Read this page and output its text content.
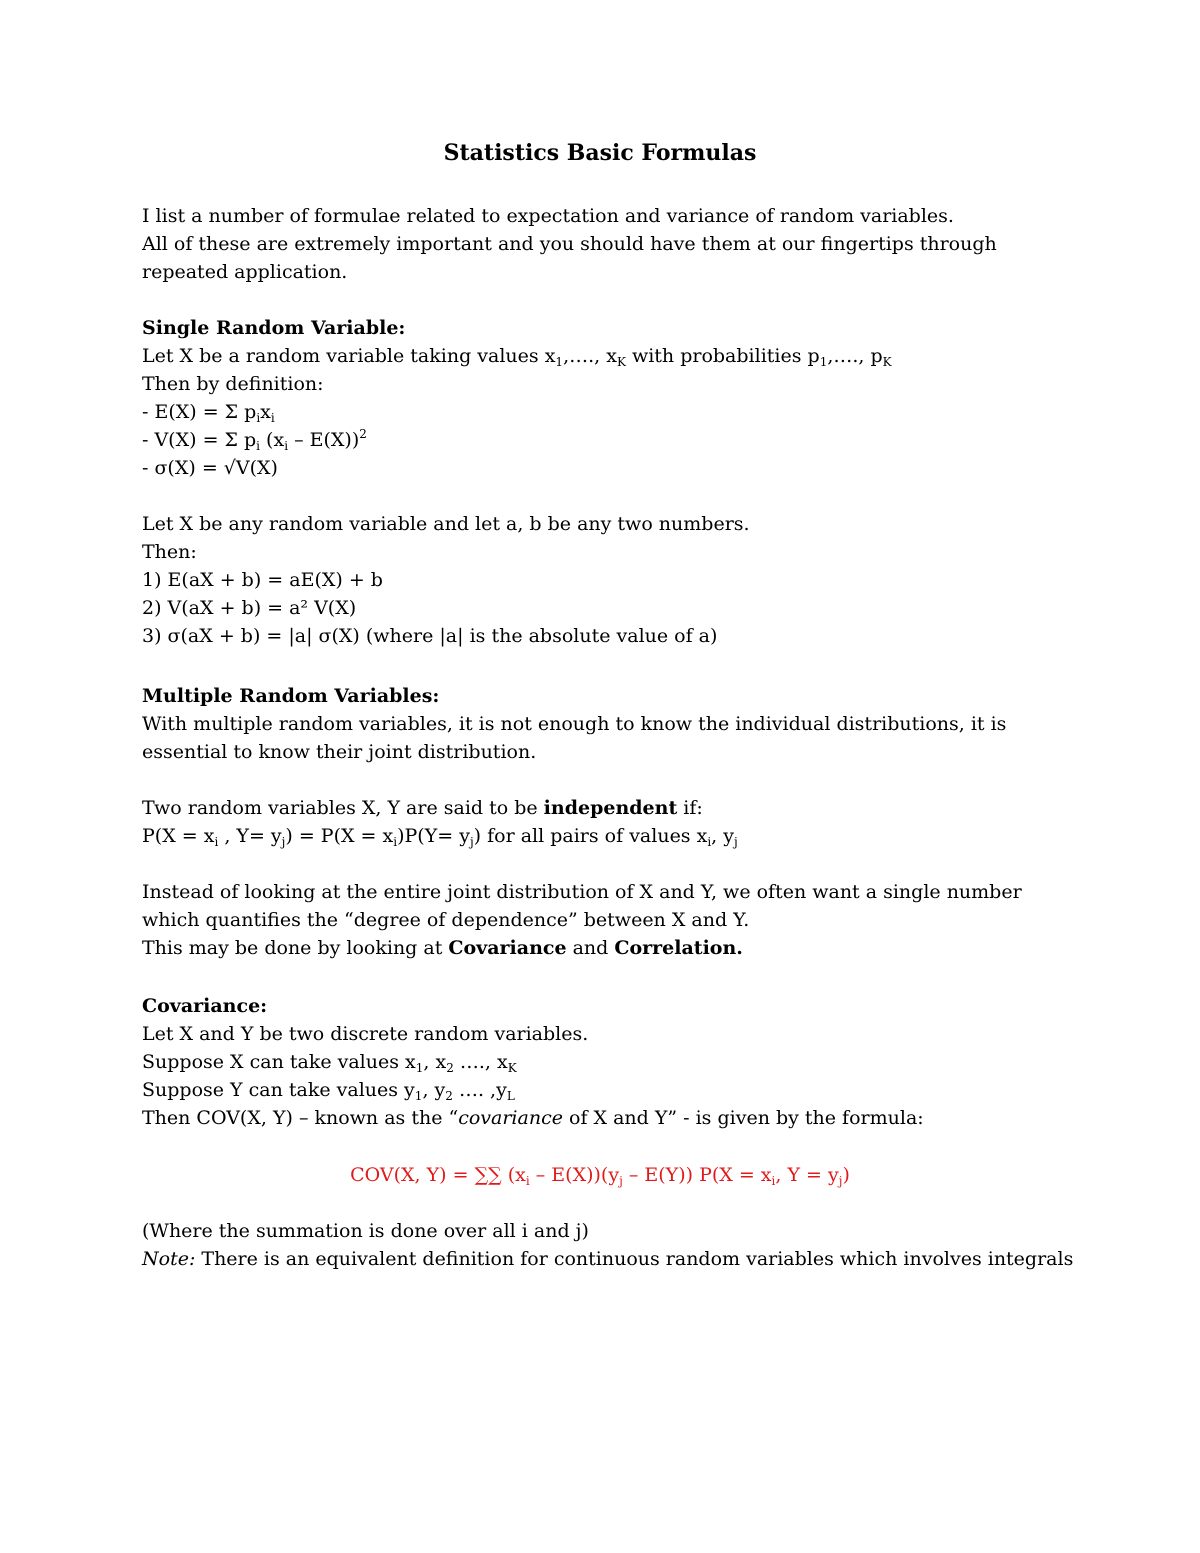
Statistics Basic Formulas
I list a number of formulae related to expectation and variance of random variables.
All of these are extremely important and you should have them at our fingertips through
repeated application.
Single Random Variable:
Let X be a random variable taking values $x_1,\dots$., $x_K$ with probabilities $p_1,\dots$., $p_K$
Then by definition:
- E(X) = Σ $p_ix_i$
- V(X) = Σ $p_i$ $(x_i - E(X))^2$
- σ(X) = √V(X)
Let X be any random variable and let a, b be any two numbers.
Then:
1) E(aX + b) = aE(X) + b
2) V(aX + b) = a² V(X)
3) σ(aX + b) = |a| σ(X) (where |a| is the absolute value of a)
Multiple Random Variables:
With multiple random variables, it is not enough to know the individual distributions, it is
essential to know their joint distribution.
Two random variables X, Y are said to be independent if:
$P(X = x_i$ , $Y= y_j) = P(X = x_i)P(Y= y_j)$ for all pairs of values $x_i$, $y_j$
Instead of looking at the entire joint distribution of X and Y, we often want a single number
which quantifies the “degree of dependence” between X and Y.
This may be done by looking at Covariance and Correlation.
Covariance:
Let X and Y be two discrete random variables.
Suppose X can take values $x_1$, $x_2$ …., $x_K$
Suppose Y can take values $y_1$, $y_2$ …. $,y_L$
Then COV(X, Y) – known as the “covariance of X and Y” - is given by the formula:
COV(X, Y) = ∑∑ $(x_i - E(X))(y_j - E(Y)) P(X = x_i$, $Y = y_j$)
(Where the summation is done over all i and j)
Note: There is an equivalent definition for continuous random variables which involves integrals
